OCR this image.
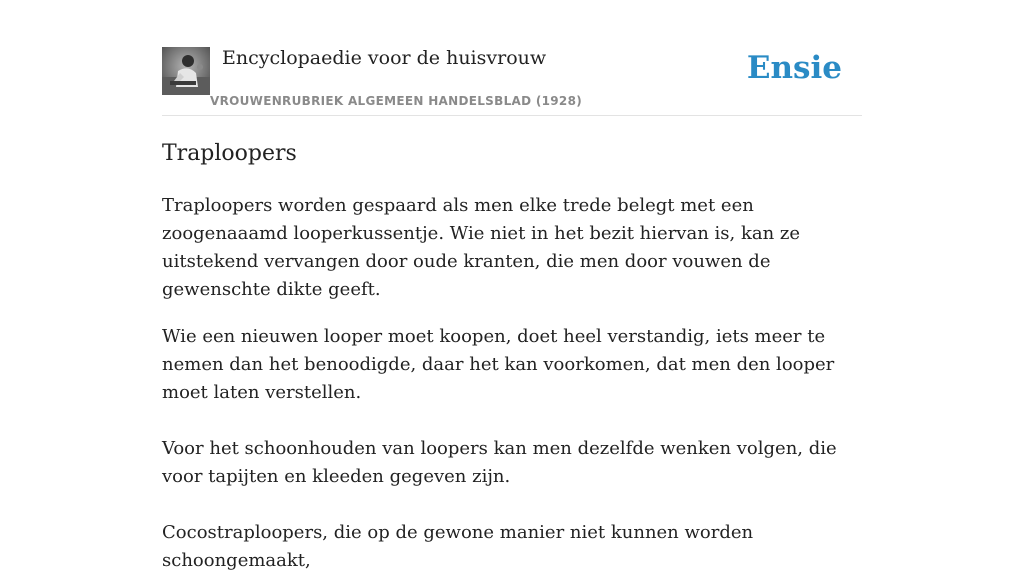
Encyclopaedie voor de huisvrouw
VROUWENRUBRIEK ALGEMEEN HANDELSBLAD (1928)
Ensie
Traploopers

Traploopers worden gespaard als men elke trede belegt met een zoogenaaamd looperkussentje. Wie niet in het bezit hiervan is, kan ze uitstekend vervangen door oude kranten, die men door vouwen de gewenschte dikte geeft.

Wie een nieuwen looper moet koopen, doet heel verstandig, iets meer te nemen dan het benoodigde, daar het kan voorkomen, dat men den looper moet laten verstellen.

Voor het schoonhouden van loopers kan men dezelfde wenken volgen, die voor tapijten en kleeden gegeven zijn.

Cocostraploopers, die op de gewone manier niet kunnen worden schoongemaakt,
